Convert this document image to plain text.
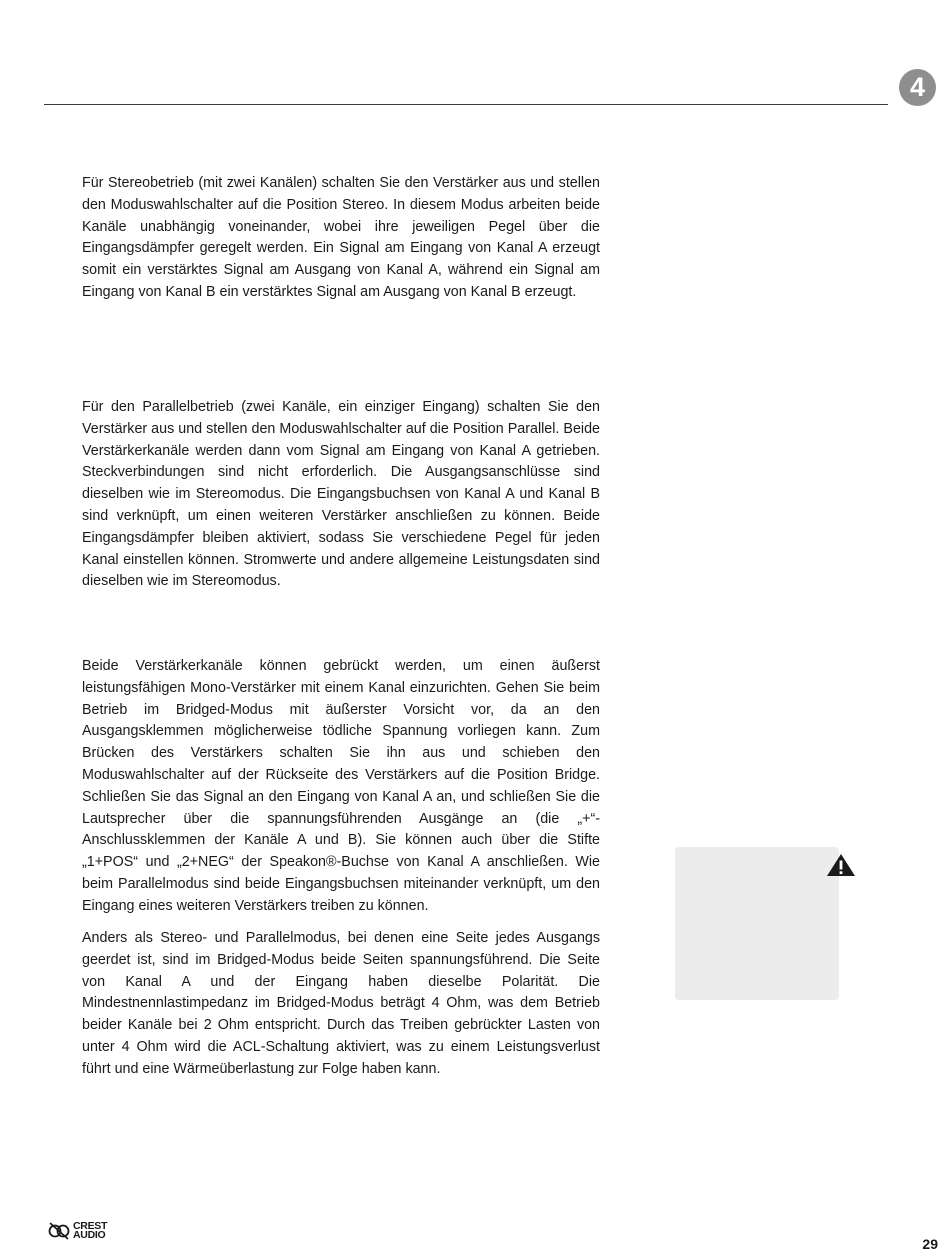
4

Für Stereobetrieb (mit zwei Kanälen) schalten Sie den Verstärker aus und stellen den Moduswahlschalter auf die Position Stereo. In diesem Modus arbeiten beide Kanäle unabhängig voneinander, wobei ihre jeweiligen Pegel über die Eingangsdämpfer geregelt werden. Ein Signal am Eingang von Kanal A erzeugt somit ein verstärktes Signal am Ausgang von Kanal A, während ein Signal am Eingang von Kanal B ein verstärktes Signal am Ausgang von Kanal B erzeugt.

Für den Parallelbetrieb (zwei Kanäle, ein einziger Eingang) schalten Sie den Verstärker aus und stellen den Moduswahlschalter auf die Position Parallel. Beide Verstärkerkanäle werden dann vom Signal am Eingang von Kanal A getrieben. Steckverbindungen sind nicht erforderlich. Die Ausgangsanschlüsse sind dieselben wie im Stereomodus. Die Eingangsbuchsen von Kanal A und Kanal B sind verknüpft, um einen weiteren Verstärker anschließen zu können. Beide Eingangsdämpfer bleiben aktiviert, sodass Sie verschiedene Pegel für jeden Kanal einstellen können. Stromwerte und andere allgemeine Leistungsdaten sind dieselben wie im Stereomodus.

Beide Verstärkerkanäle können gebrückt werden, um einen äußerst leistungsfähigen Mono-Verstärker mit einem Kanal einzurichten. Gehen Sie beim Betrieb im Bridged-Modus mit äußerster Vorsicht vor, da an den Ausgangsklemmen möglicherweise tödliche Spannung vorliegen kann. Zum Brücken des Verstärkers schalten Sie ihn aus und schieben den Moduswahlschalter auf der Rückseite des Verstärkers auf die Position Bridge. Schließen Sie das Signal an den Eingang von Kanal A an, und schließen Sie die Lautsprecher über die spannungsführenden Ausgänge an (die „+“-Anschlussklemmen der Kanäle A und B). Sie können auch über die Stifte „1+POS“ und „2+NEG“ der Speakon®-Buchse von Kanal A anschließen. Wie beim Parallelmodus sind beide Eingangsbuchsen miteinander verknüpft, um den Eingang eines weiteren Verstärkers treiben zu können.

Anders als Stereo- und Parallelmodus, bei denen eine Seite jedes Ausgangs geerdet ist, sind im Bridged-Modus beide Seiten spannungsführend. Die Seite von Kanal A und der Eingang haben dieselbe Polarität. Die Mindestnennlastimpedanz im Bridged-Modus beträgt 4 Ohm, was dem Betrieb beider Kanäle bei 2 Ohm entspricht. Durch das Treiben gebrückter Lasten von unter 4 Ohm wird die ACL-Schaltung aktiviert, was zu einem Leistungsverlust führt und eine Wärmeüberlastung zur Folge haben kann.

CREST
AUDIO
29
